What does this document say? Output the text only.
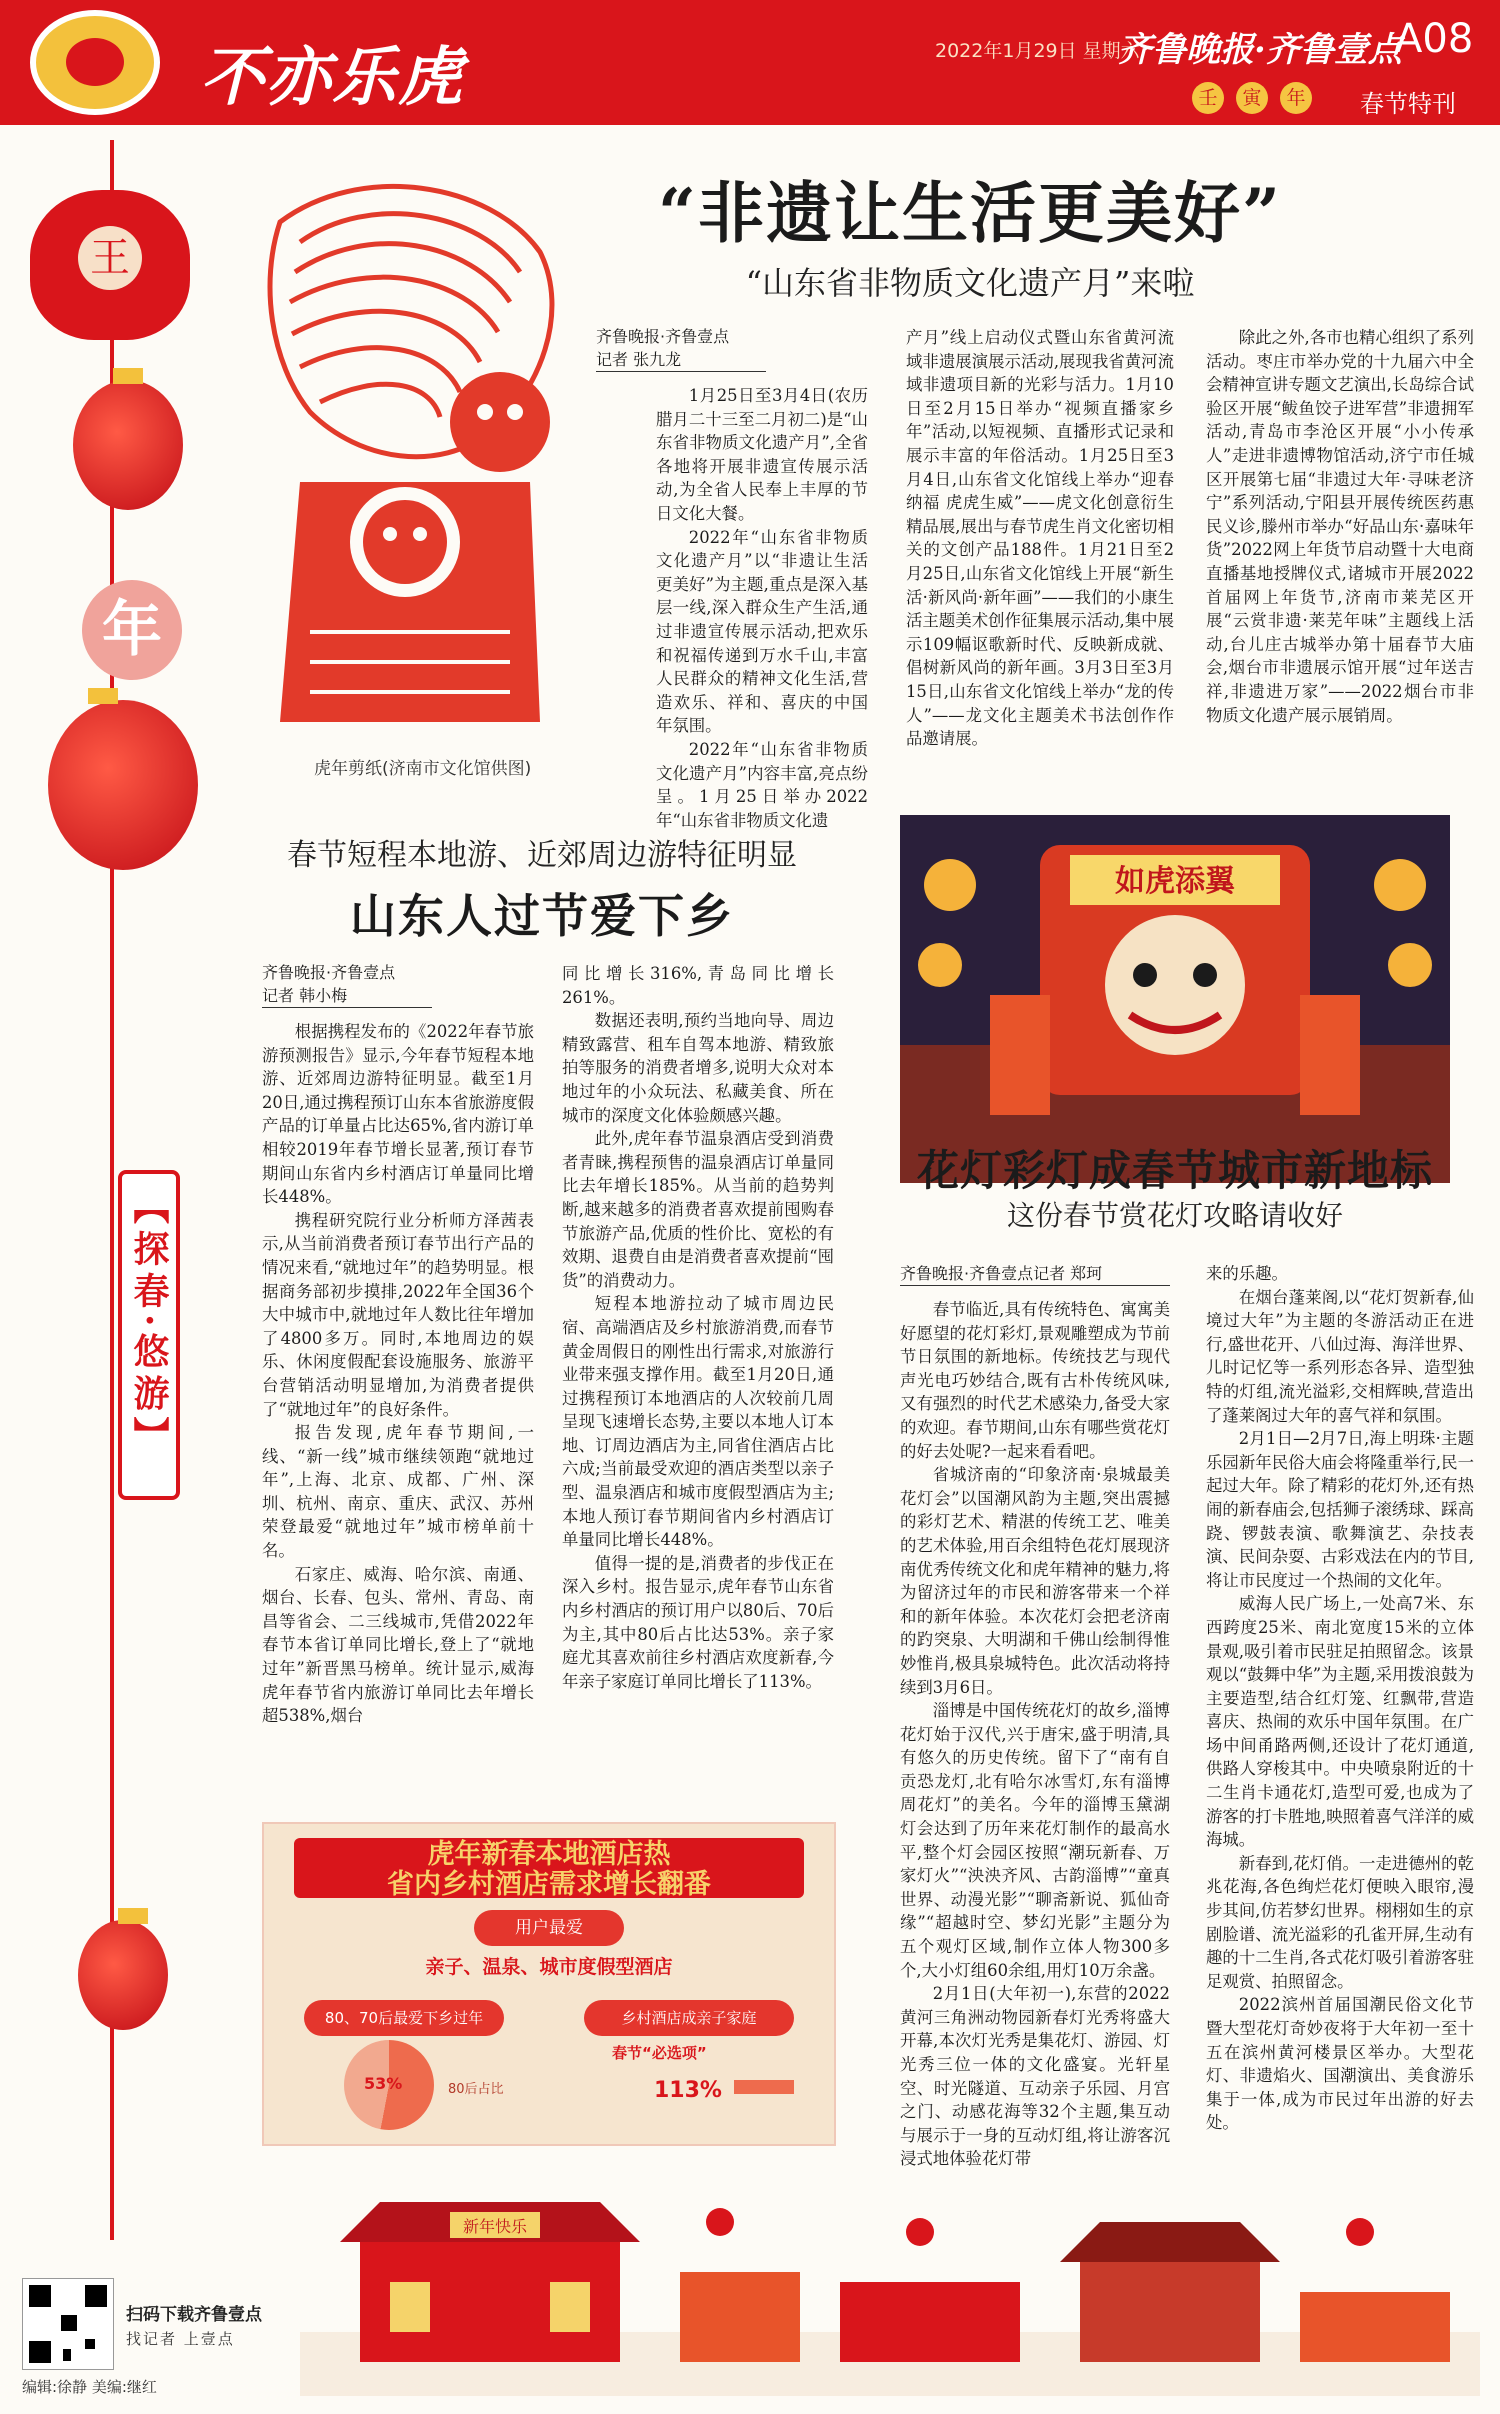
不亦乐虎	2022年1月29日 星期六
齐鲁晚报·齐鲁壹点
A08
壬	寅	年 春节特刊
王
年
【探春·悠游】
虎年剪纸(济南市文化馆供图)
“非遗让生活更美好”
“山东省非物质文化遗产月”来啦
齐鲁晚报·齐鲁壹点
记者 张九龙

1月25日至3月4日(农历腊月二十三至二月初二)是“山东省非物质文化遗产月”,全省各地将开展非遗宣传展示活动,为全省人民奉上丰厚的节日文化大餐。

2022年“山东省非物质文化遗产月”以“非遗让生活更美好”为主题,重点是深入基层一线,深入群众生产生活,通过非遗宣传展示活动,把欢乐和祝福传递到万水千山,丰富人民群众的精神文化生活,营造欢乐、祥和、喜庆的中国年氛围。

2022年“山东省非物质文化遗产月”内容丰富,亮点纷呈。1月25日举办2022年“山东省非物质文化遗

产月”线上启动仪式暨山东省黄河流域非遗展演展示活动,展现我省黄河流域非遗项目新的光彩与活力。1月10日至2月15日举办“视频直播家乡年”活动,以短视频、直播形式记录和展示丰富的年俗活动。1月25日至3月4日,山东省文化馆线上举办“迎春纳福 虎虎生威”——虎文化创意衍生精品展,展出与春节虎生肖文化密切相关的文创产品188件。1月21日至2月25日,山东省文化馆线上开展“新生活·新风尚·新年画”——我们的小康生活主题美术创作征集展示活动,集中展示109幅讴歌新时代、反映新成就、倡树新风尚的新年画。3月3日至3月15日,山东省文化馆线上举办“龙的传人”——龙文化主题美术书法创作作品邀请展。

除此之外,各市也精心组织了系列活动。枣庄市举办党的十九届六中全会精神宣讲专题文艺演出,长岛综合试验区开展“鲅鱼饺子进军营”非遗拥军活动,青岛市李沧区开展“小小传承人”走进非遗博物馆活动,济宁市任城区开展第七届“非遗过大年·寻味老济宁”系列活动,宁阳县开展传统医药惠民义诊,滕州市举办“好品山东·嘉味年货”2022网上年货节启动暨十大电商直播基地授牌仪式,诸城市开展2022首届网上年货节,济南市莱芜区开展“云赏非遗·莱芜年味”主题线上活动,台儿庄古城举办第十届春节大庙会,烟台市非遗展示馆开展“过年送吉祥,非遗进万家”——2022烟台市非物质文化遗产展示展销周。

春节短程本地游、近郊周边游特征明显
山东人过节爱下乡
齐鲁晚报·齐鲁壹点
记者 韩小梅

根据携程发布的《2022年春节旅游预测报告》显示,今年春节短程本地游、近郊周边游特征明显。截至1月20日,通过携程预订山东本省旅游度假产品的订单量占比达65%,省内游订单相较2019年春节增长显著,预订春节期间山东省内乡村酒店订单量同比增长448%。

携程研究院行业分析师方泽茜表示,从当前消费者预订春节出行产品的情况来看,“就地过年”的趋势明显。根据商务部初步摸排,2022年全国36个大中城市中,就地过年人数比往年增加了4800多万。同时,本地周边的娱乐、休闲度假配套设施服务、旅游平台营销活动明显增加,为消费者提供了“就地过年”的良好条件。

报告发现,虎年春节期间,一线、“新一线”城市继续领跑“就地过年”,上海、北京、成都、广州、深圳、杭州、南京、重庆、武汉、苏州荣登最爱“就地过年”城市榜单前十名。

石家庄、威海、哈尔滨、南通、烟台、长春、包头、常州、青岛、南昌等省会、二三线城市,凭借2022年春节本省订单同比增长,登上了“就地过年”新晋黑马榜单。统计显示,威海虎年春节省内旅游订单同比去年增长超538%,烟台

同比增长316%,青岛同比增长261%。

数据还表明,预约当地向导、周边精致露营、租车自驾本地游、精致旅拍等服务的消费者增多,说明大众对本地过年的小众玩法、私藏美食、所在城市的深度文化体验颇感兴趣。

此外,虎年春节温泉酒店受到消费者青睐,携程预售的温泉酒店订单量同比去年增长185%。从当前的趋势判断,越来越多的消费者喜欢提前囤购春节旅游产品,优质的性价比、宽松的有效期、退费自由是消费者喜欢提前“囤货”的消费动力。

短程本地游拉动了城市周边民宿、高端酒店及乡村旅游消费,而春节黄金周假日的刚性出行需求,对旅游行业带来强支撑作用。截至1月20日,通过携程预订本地酒店的人次较前几周呈现飞速增长态势,主要以本地人订本地、订周边酒店为主,同省住酒店占比六成;当前最受欢迎的酒店类型以亲子型、温泉酒店和城市度假型酒店为主;本地人预订春节期间省内乡村酒店订单量同比增长448%。

值得一提的是,消费者的步伐正在深入乡村。报告显示,虎年春节山东省内乡村酒店的预订用户以80后、70后为主,其中80后占比达53%。亲子家庭尤其喜欢前往乡村酒店欢度新春,今年亲子家庭订单同比增长了113%。

虎年新春本地酒店热
省内乡村酒店需求增长翻番
用户最爱
亲子、温泉、城市度假型酒店
80、70后最爱下乡过年	乡村酒店成亲子家庭
春节“必选项”
53%	80后占比	113%
如虎添翼
花灯彩灯成春节城市新地标
这份春节赏花灯攻略请收好
齐鲁晚报·齐鲁壹点记者 郑珂

春节临近,具有传统特色、寓寓美好愿望的花灯彩灯,景观雕塑成为节前节日氛围的新地标。传统技艺与现代声光电巧妙结合,既有古朴传统风味,又有强烈的时代艺术感染力,备受大家的欢迎。春节期间,山东有哪些赏花灯的好去处呢?一起来看看吧。

省城济南的“印象济南·泉城最美花灯会”以国潮风韵为主题,突出震撼的彩灯艺术、精湛的传统工艺、唯美的艺术体验,用百余组特色花灯展现济南优秀传统文化和虎年精神的魅力,将为留济过年的市民和游客带来一个祥和的新年体验。本次花灯会把老济南的趵突泉、大明湖和千佛山绘制得惟妙惟肖,极具泉城特色。此次活动将持续到3月6日。

淄博是中国传统花灯的故乡,淄博花灯始于汉代,兴于唐宋,盛于明清,具有悠久的历史传统。留下了“南有自贡恐龙灯,北有哈尔冰雪灯,东有淄博周花灯”的美名。今年的淄博玉黛湖灯会达到了历年来花灯制作的最高水平,整个灯会园区按照“潮玩新春、万家灯火”“泱泱齐风、古韵淄博”“童真世界、动漫光影”“聊斋新说、狐仙奇缘”“超越时空、梦幻光影”主题分为五个观灯区域,制作立体人物300多个,大小灯组60余组,用灯10万余盏。

2月1日(大年初一),东营的2022黄河三角洲动物园新春灯光秀将盛大开幕,本次灯光秀是集花灯、游园、灯光秀三位一体的文化盛宴。光轩星空、时光隧道、互动亲子乐园、月宫之门、动感花海等32个主题,集互动与展示于一身的互动灯组,将让游客沉浸式地体验花灯带

来的乐趣。

在烟台蓬莱阁,以“花灯贺新春,仙境过大年”为主题的冬游活动正在进行,盛世花开、八仙过海、海洋世界、儿时记忆等一系列形态各异、造型独特的灯组,流光溢彩,交相辉映,营造出了蓬莱阁过大年的喜气祥和氛围。

2月1日—2月7日,海上明珠·主题乐园新年民俗大庙会将隆重举行,民一起过大年。除了精彩的花灯外,还有热闹的新春庙会,包括狮子滚绣球、踩高跷、锣鼓表演、歌舞演艺、杂技表演、民间杂耍、古彩戏法在内的节目,将让市民度过一个热闹的文化年。

威海人民广场上,一处高7米、东西跨度25米、南北宽度15米的立体景观,吸引着市民驻足拍照留念。该景观以“鼓舞中华”为主题,采用拨浪鼓为主要造型,结合红灯笼、红飘带,营造喜庆、热闹的欢乐中国年氛围。在广场中间甬路两侧,还设计了花灯通道,供路人穿梭其中。中央喷泉附近的十二生肖卡通花灯,造型可爱,也成为了游客的打卡胜地,映照着喜气洋洋的威海城。

新春到,花灯俏。一走进德州的乾兆花海,各色绚烂花灯便映入眼帘,漫步其间,仿若梦幻世界。栩栩如生的京剧脸谱、流光溢彩的孔雀开屏,生动有趣的十二生肖,各式花灯吸引着游客驻足观赏、拍照留念。

2022滨州首届国潮民俗文化节暨大型花灯奇妙夜将于大年初一至十五在滨州黄河楼景区举办。大型花灯、非遗焰火、国潮演出、美食游乐集于一体,成为市民过年出游的好去处。

新年快乐
扫码下载齐鲁壹点
找记者 上壹点
编辑:徐静 美编:继红
